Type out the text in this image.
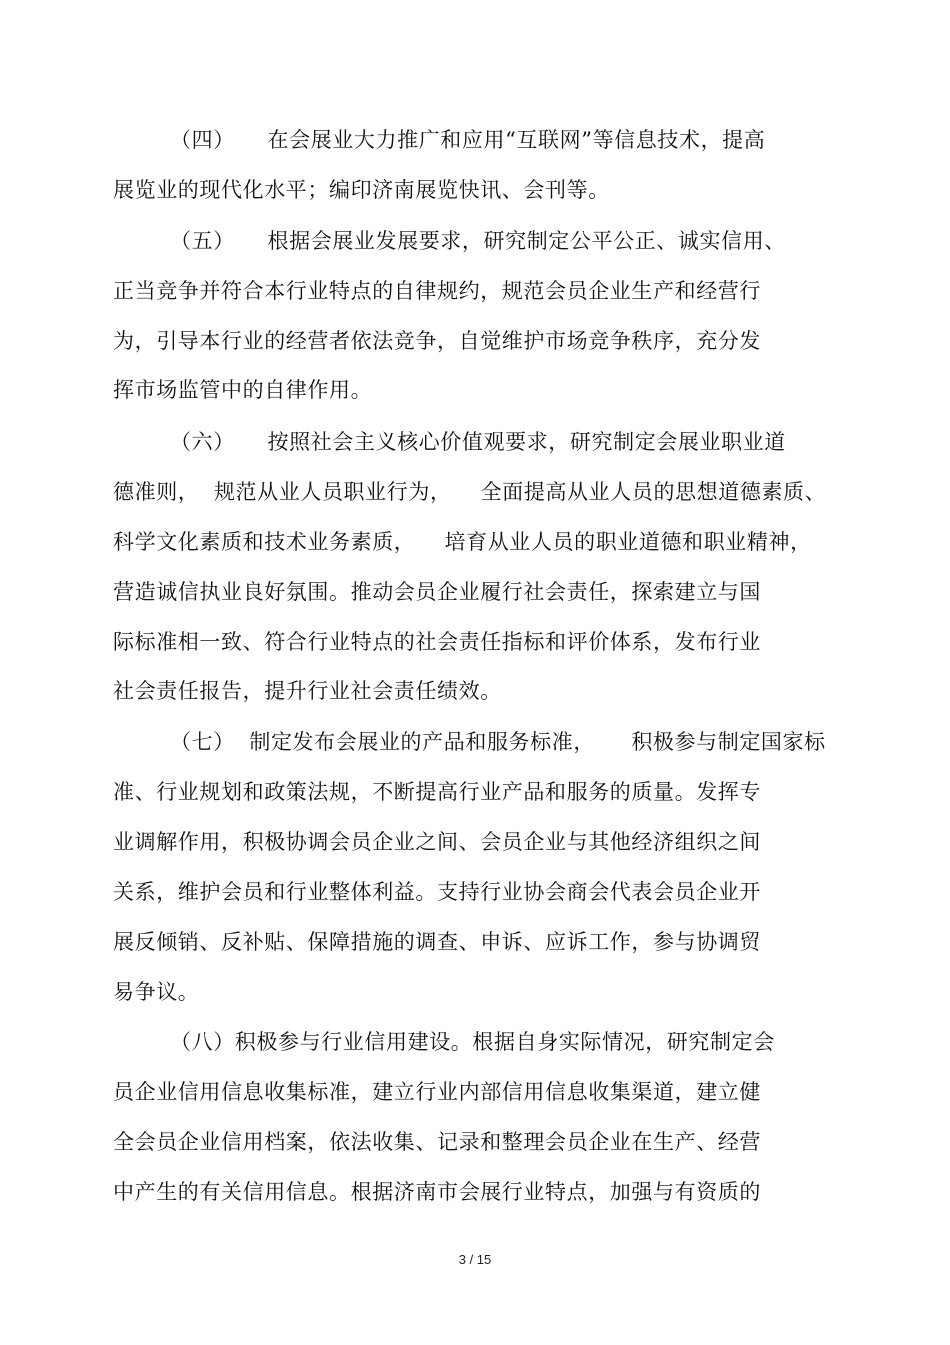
（四）　　在会展业大力推广和应用“互联网”等信息技术，提高
展览业的现代化水平；编印济南展览快讯、会刊等。
（五）　　根据会展业发展要求，研究制定公平公正、诚实信用、
正当竞争并符合本行业特点的自律规约，规范会员企业生产和经营行
为，引导本行业的经营者依法竞争，自觉维护市场竞争秩序，充分发
挥市场监管中的自律作用。
（六）　　按照社会主义核心价值观要求，研究制定会展业职业道
德准则，  规范从业人员职业行为，    全面提高从业人员的思想道德素质、
科学文化素质和技术业务素质，    培育从业人员的职业道德和职业精神，
营造诚信执业良好氛围。推动会员企业履行社会责任，探索建立与国
际标准相一致、符合行业特点的社会责任指标和评价体系，发布行业
社会责任报告，提升行业社会责任绩效。
（七）  制定发布会展业的产品和服务标准，     积极参与制定国家标
准、行业规划和政策法规，不断提高行业产品和服务的质量。发挥专
业调解作用，积极协调会员企业之间、会员企业与其他经济组织之间
关系，维护会员和行业整体利益。支持行业协会商会代表会员企业开
展反倾销、反补贴、保障措施的调查、申诉、应诉工作，参与协调贸
易争议。
（八）积极参与行业信用建设。根据自身实际情况，研究制定会
员企业信用信息收集标准，建立行业内部信用信息收集渠道，建立健
全会员企业信用档案，依法收集、记录和整理会员企业在生产、经营
中产生的有关信用信息。根据济南市会展行业特点，加强与有资质的
3 / 15
